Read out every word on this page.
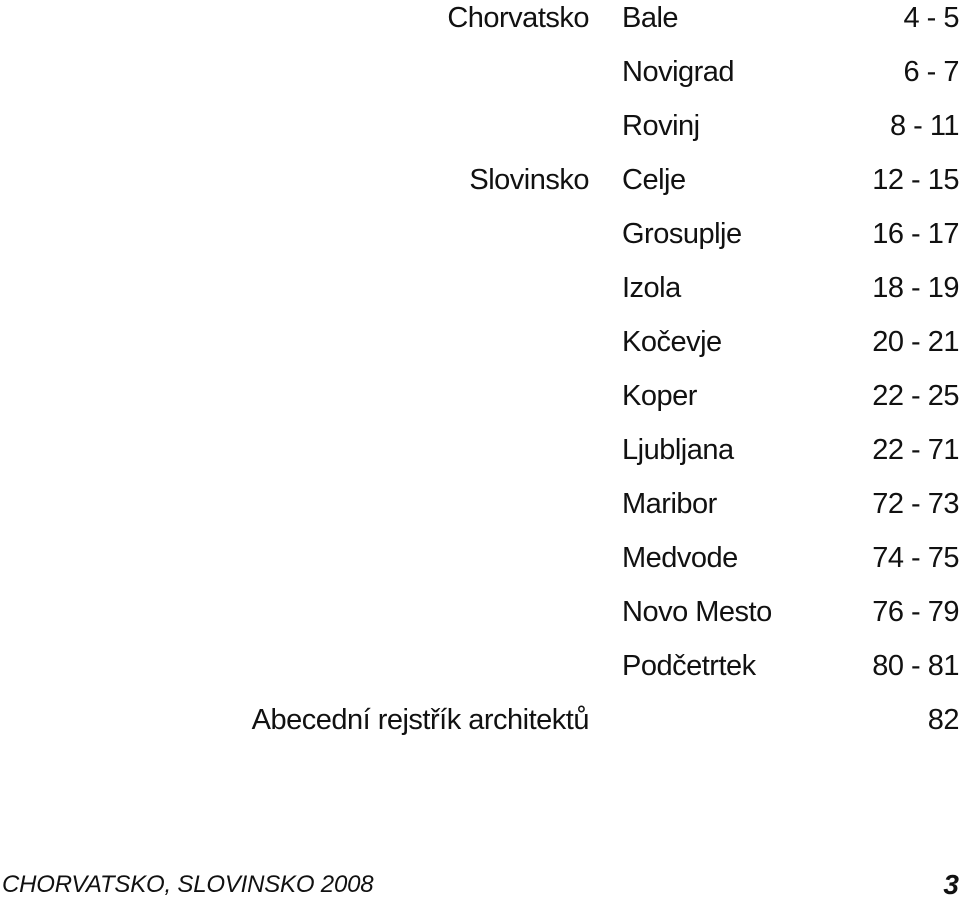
Chorvatsko Bale	4 - 5
Novigrad	6 - 7
Rovinj	8 - 11
Slovinsko Celje	12 - 15
Grosuplje	16 - 17
Izola	18 - 19
Kočevje	20 - 21
Koper	22 - 25
Ljubljana	22 - 71
Maribor	72 - 73
Medvode	74 - 75
Novo Mesto	76 - 79
Podčetrtek	80 - 81
Abecední rejstřík architektů	82
CHORVATSKO, SLOVINSKO 2008	3
